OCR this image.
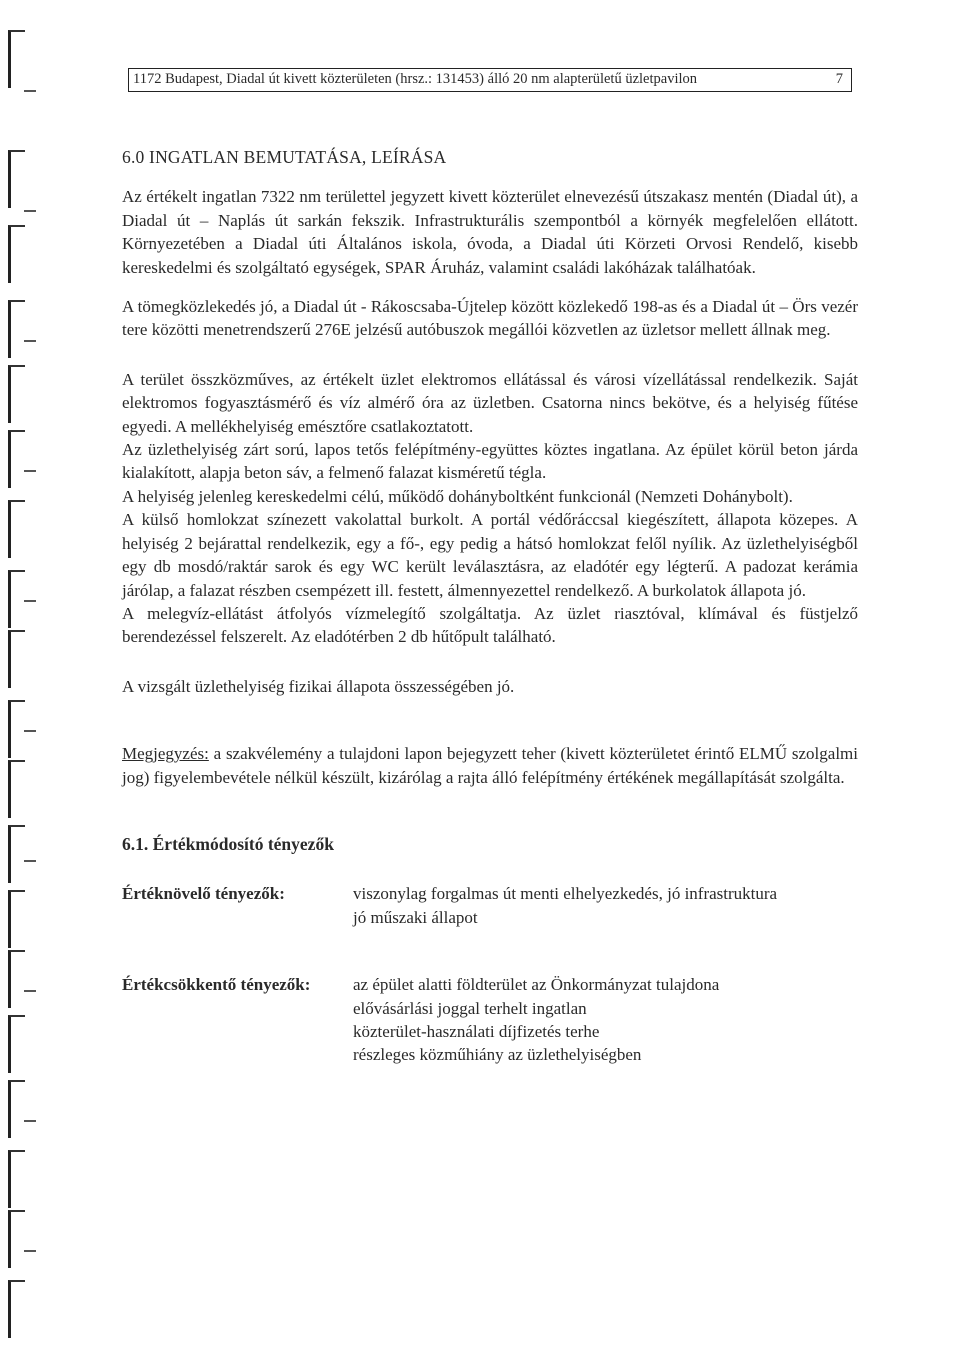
1172 Budapest, Diadal út kivett közterületen (hrsz.: 131453) álló 20 nm alapterületű üzletpavilon	7
6.0 INGATLAN BEMUTATÁSA, LEÍRÁSA

Az értékelt ingatlan 7322 nm területtel jegyzett kivett közterület elnevezésű útszakasz mentén (Diadal út), a Diadal út – Naplás út sarkán fekszik. Infrastrukturális szempontból a környék megfelelően ellátott. Környezetében a Diadal úti Általános iskola, óvoda, a Diadal úti Körzeti Orvosi Rendelő, kisebb kereskedelmi és szolgáltató egységek, SPAR Áruház, valamint családi lakóházak találhatóak.

A tömegközlekedés jó, a Diadal út - Rákoscsaba-Újtelep között közlekedő 198-as és a Diadal út – Örs vezér tere közötti menetrendszerű 276E jelzésű autóbuszok megállói közvetlen az üzletsor mellett állnak meg.

A terület összközműves, az értékelt üzlet elektromos ellátással és városi vízellátással rendelkezik. Saját elektromos fogyasztásmérő és víz almérő óra az üzletben. Csatorna nincs bekötve, és a helyiség fűtése egyedi. A mellékhelyiség emésztőre csatlakoztatott.

Az üzlethelyiség zárt sorú, lapos tetős felépítmény-együttes köztes ingatlana. Az épület körül beton járda kialakított, alapja beton sáv, a felmenő falazat kisméretű tégla.

A helyiség jelenleg kereskedelmi célú, működő dohányboltként funkcionál (Nemzeti Dohánybolt).

A külső homlokzat színezett vakolattal burkolt. A portál védőráccsal kiegészített, állapota közepes. A helyiség 2 bejárattal rendelkezik, egy a fő-, egy pedig a hátsó homlokzat felől nyílik. Az üzlethelyiségből egy db mosdó/raktár sarok és egy WC került leválasztásra, az eladótér egy légterű. A padozat kerámia járólap, a falazat részben csempézett ill. festett, álmennyezettel rendelkező. A burkolatok állapota jó.

A melegvíz-ellátást átfolyós vízmelegítő szolgáltatja. Az üzlet riasztóval, klímával és füstjelző berendezéssel felszerelt. Az eladótérben 2 db hűtőpult található.

A vizsgált üzlethelyiség fizikai állapota összességében jó.

Megjegyzés: a szakvélemény a tulajdoni lapon bejegyzett teher (kivett közterületet érintő ELMŰ szolgalmi jog) figyelembevétele nélkül készült, kizárólag a rajta álló felépítmény értékének megállapítását szolgálta.

6.1. Értékmódosító tényezők
Értéknövelő tényezők:	viszonylag forgalmas út menti elhelyezkedés, jó infrastruktura
jó műszaki állapot
Értékcsökkentő tényezők:	az épület alatti földterület az Önkormányzat tulajdona
elővásárlási joggal terhelt ingatlan
közterület-használati díjfizetés terhe
részleges közműhiány az üzlethelyiségben
